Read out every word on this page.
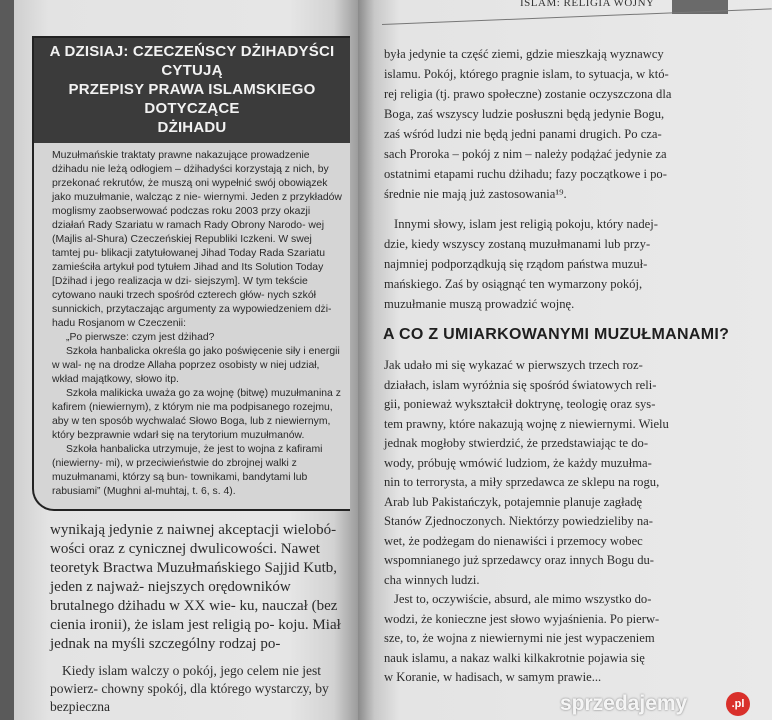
ISLAM: RELIGIA WOJNY
A DZISIAJ: CZECZEŃSCY DŻIHADYŚCI CYTUJĄ
PRZEPISY PRAWA ISLAMSKIEGO DOTYCZĄCE
DŻIHADU
Muzułmańskie traktaty prawne nakazujące prowadzenie dżihadu nie leżą odłogiem – dżihadyści korzystają z nich, by przekonać rekrutów, że muszą oni wypełnić swój obowiązek jako muzułmanie, walcząc z nie- wiernymi. Jeden z przykładów moglismy zaobserwować podczas roku 2003 przy okazji działań Rady Szariatu w ramach Rady Obrony Narodo- wej (Majlis al-Shura) Czeczeńskiej Republiki Iczkeni. W swej tamtej pu- blikacji zatytułowanej Jihad Today Rada Szariatu zamieściła artykuł pod tytułem Jihad and Its Solution Today [Dżihad i jego realizacja w dzi- siejszym]. W tym tekście cytowano nauki trzech spośród czterech głów- nych szkół sunnickich, przytaczając argumenty za wypowiedzeniem dżi- hadu Rosjanom w Czeczenii:
„Po pierwsze: czym jest dżihad?
Szkoła hanbalicka określa go jako poświęcenie siły i energii w wal- nę na drodze Allaha poprzez osobisty w niej udział, wkład majątkowy, słowo itp.
Szkoła malikicka uważa go za wojnę (bitwę) muzułmanina z kafirem (niewiernym), z którym nie ma podpisanego rozejmu, aby w ten sposób wychwalać Słowo Boga, lub z niewiernym, który bezprawnie wdarł się na terytorium muzułmanów.
Szkoła hanbalicka utrzymuje, że jest to wojna z kafirami (niewierny- mi), w przeciwieństwie do zbrojnej walki z muzułmanami, którzy są bun- townikami, bandytami lub rabusiami” (Mughni al-muhtaj, t. 6, s. 4).
wynikają jedynie z naiwnej akceptacji wielobó- wości oraz z cynicznej dwulicowości. Nawet teoretyk Bractwa Muzułmańskiego Sajjid Kutb, jeden z najważ- niejszych orędowników brutalnego dżihadu w XX wie- ku, nauczał (bez cienia ironii), że islam jest religią po- koju. Miał jednak na myśli szczególny rodzaj po-
Kiedy islam walczy o pokój, jego celem nie jest powierz- chowny spokój, dla którego wystarczy, by bezpieczna
była jedynie ta część ziemi, gdzie mieszkają wyznawcy
islamu. Pokój, którego pragnie islam, to sytuacja, w któ-
rej religia (tj. prawo społeczne) zostanie oczyszczona dla
Boga, zaś wszyscy ludzie posłuszni będą jedynie Bogu,
zaś wśród ludzi nie będą jedni panami drugich. Po cza-
sach Proroka – pokój z nim – należy podążać jedynie za
ostatnimi etapami ruchu dżihadu; fazy początkowe i po-
średnie nie mają już zastosowania¹⁹.
Innymi słowy, islam jest religią pokoju, który nadej-
dzie, kiedy wszyscy zostaną muzułmanami lub przy-
najmniej podporządkują się rządom państwa muzuł-
mańskiego. Zaś by osiągnąć ten wymarzony pokój,
muzułmanie muszą prowadzić wojnę.
A CO Z UMIARKOWANYMI MUZUŁMANAMI?
Jak udało mi się wykazać w pierwszych trzech roz-
działach, islam wyróżnia się spośród światowych reli-
gii, ponieważ wykształcił doktrynę, teologię oraz sys-
tem prawny, które nakazują wojnę z niewiernymi. Wielu
jednak mogłoby stwierdzić, że przedstawiając te do-
wody, próbuję wmówić ludziom, że każdy muzułma-
nin to terrorysta, a miły sprzedawca ze sklepu na rogu,
Arab lub Pakistańczyk, potajemnie planuje zagładę
Stanów Zjednoczonych. Niektórzy powiedzieliby na-
wet, że podżegam do nienawiści i przemocy wobec
wspomnianego już sprzedawcy oraz innych Bogu du-
cha winnych ludzi.
Jest to, oczywiście, absurd, ale mimo wszystko do-
wodzi, że konieczne jest słowo wyjaśnienia. Po pierw-
sze, to, że wojna z niewiernymi nie jest wypaczeniem
nauk islamu, a nakaz walki kilkakrotnie pojawia się
w Koranie, w hadisach, w samym prawie...
sprzedajemy	.pl
